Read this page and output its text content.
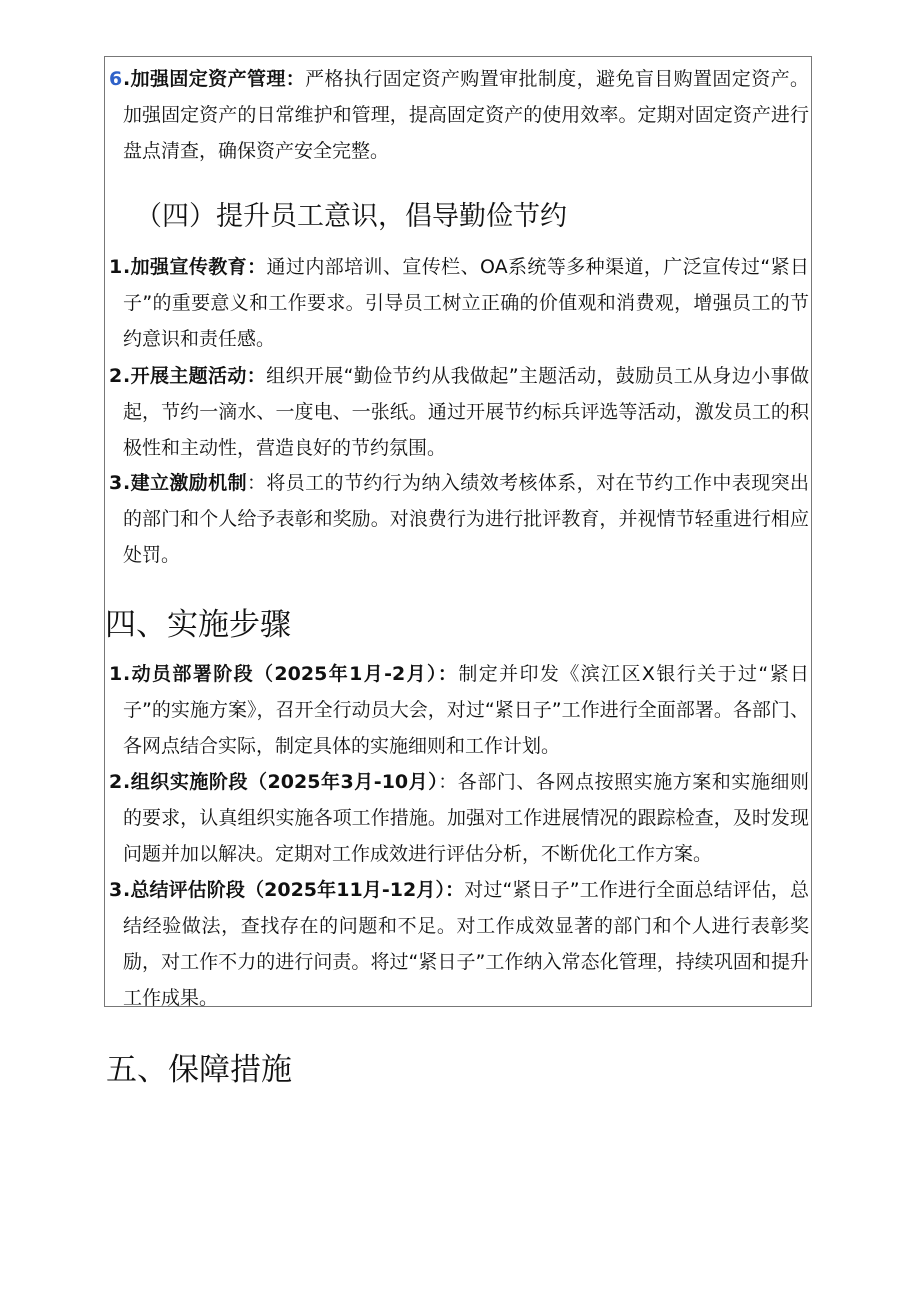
6 .加强固定资产管理：严格执行固定资产购置审批制度，避免盲目购置固定资产。加强固定资产的日常维护和管理，提高固定资产的使用效率。定期对固定资产进行盘点清查，确保资产安全完整。
（四）提升员工意识，倡导勤俭节约
1 .加强宣传教育：通过内部培训、宣传栏、OA系统等多种渠道，广泛宣传过“紧日子”的重要意义和工作要求。引导员工树立正确的价值观和消费观，增强员工的节约意识和责任感。
2 .开展主题活动：组织开展“勤俭节约从我做起”主题活动，鼓励员工从身边小事做起，节约一滴水、一度电、一张纸。通过开展节约标兵评选等活动，激发员工的积极性和主动性，营造良好的节约氛围。
3 .建立激励机制：将员工的节约行为纳入绩效考核体系，对在节约工作中表现突出的部门和个人给予表彰和奖励。对浪费行为进行批评教育，并视情节轻重进行相应处罚。
四、实施步骤
1 .动员部署阶段（2025年1月-2月）：制定并印发《滨江区X银行关于过“紧日子”的实施方案》，召开全行动员大会，对过“紧日子”工作进行全面部署。各部门、各网点结合实际，制定具体的实施细则和工作计划。
2 .组织实施阶段（2025年3月-10月）：各部门、各网点按照实施方案和实施细则的要求，认真组织实施各项工作措施。加强对工作进展情况的跟踪检查，及时发现问题并加以解决。定期对工作成效进行评估分析，不断优化工作方案。
3 .总结评估阶段（2025年11月-12月）：对过“紧日子”工作进行全面总结评估，总结经验做法，查找存在的问题和不足。对工作成效显著的部门和个人进行表彰奖励，对工作不力的进行问责。将过“紧日子”工作纳入常态化管理，持续巩固和提升工作成果。
五、保障措施
